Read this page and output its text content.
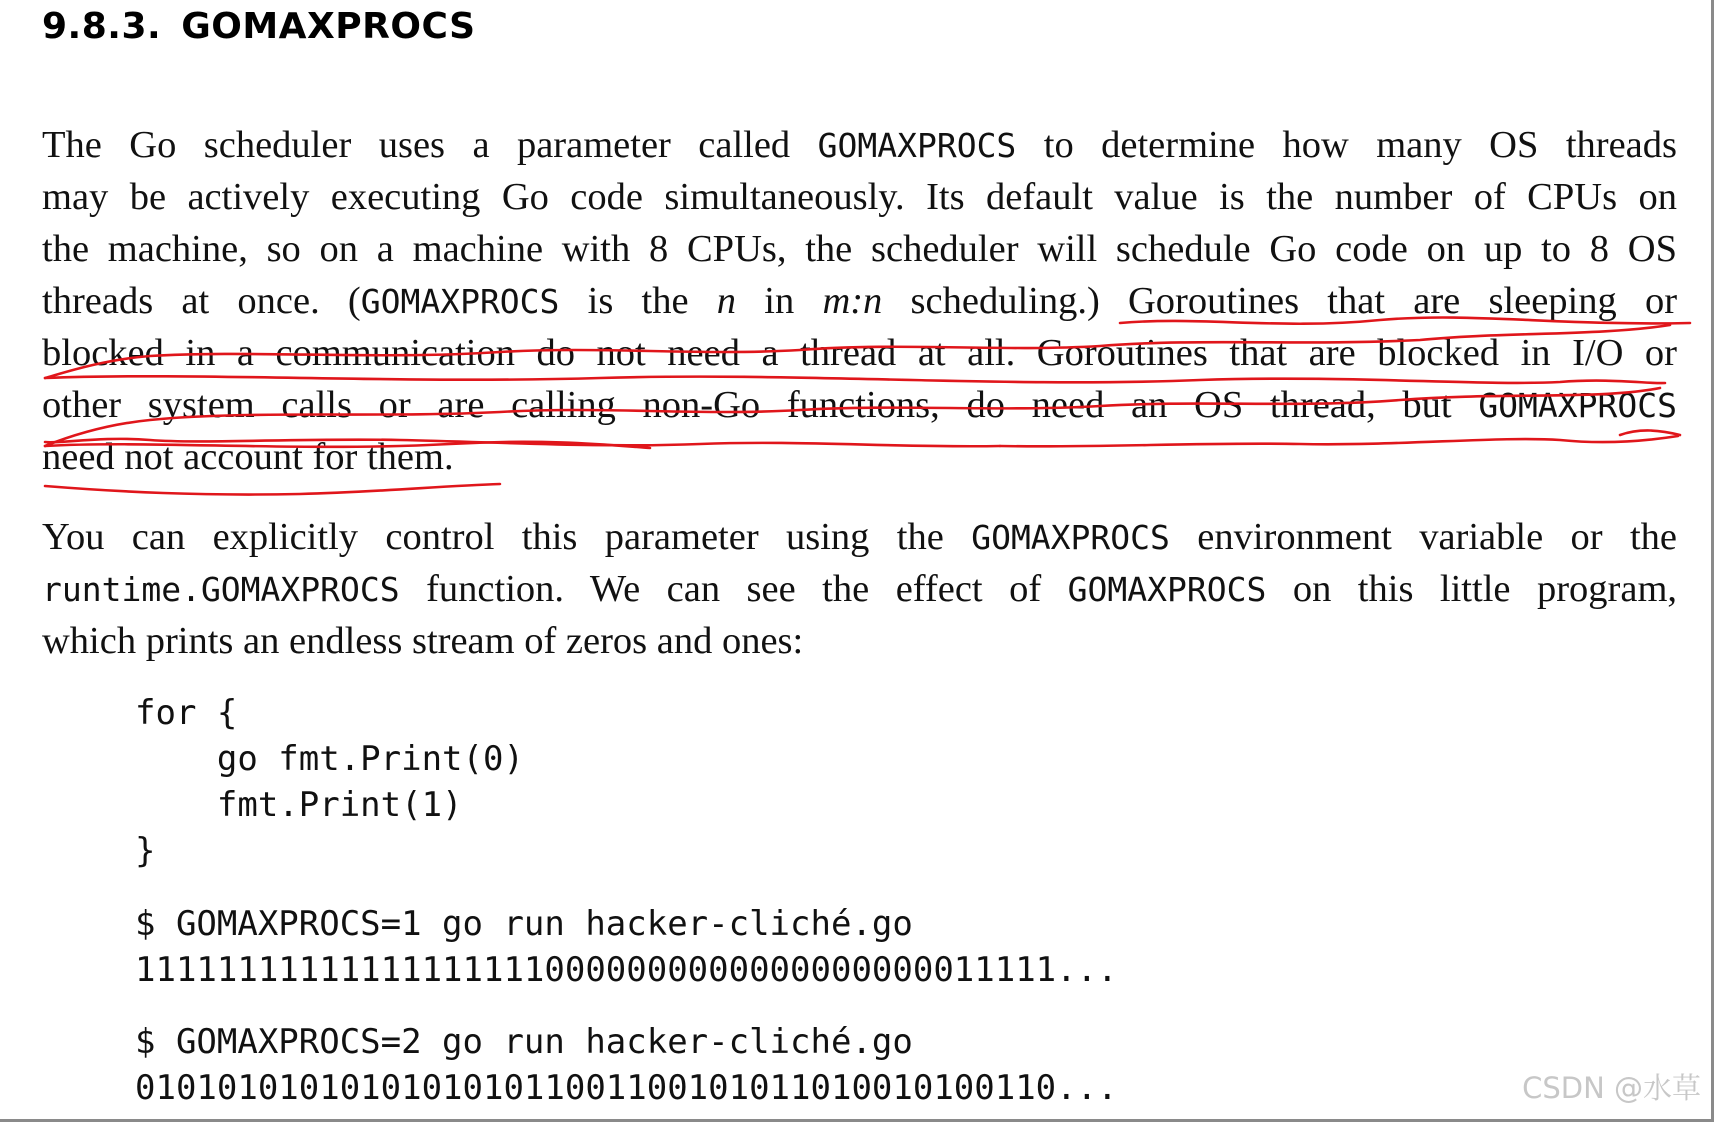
9.8.3. GOMAXPROCS
The Go scheduler uses a parameter called GOMAXPROCS to determine how many OS threads
may be actively executing Go code simultaneously. Its default value is the number of CPUs on
the machine, so on a machine with 8 CPUs, the scheduler will schedule Go code on up to 8 OS
threads at once. (GOMAXPROCS is the n in m:n scheduling.) Goroutines that are sleeping or
blocked in a communication do not need a thread at all. Goroutines that are blocked in I/O or
other system calls or are calling non-Go functions, do need an OS thread, but GOMAXPROCS
need not account for them.
You can explicitly control this parameter using the GOMAXPROCS environment variable or the
runtime.GOMAXPROCS function. We can see the effect of GOMAXPROCS on this little program,
which prints an endless stream of zeros and ones:
for {
go fmt.Print(0)
fmt.Print(1)
}
$ GOMAXPROCS=1 go run hacker-cliché.go
111111111111111111110000000000000000000011111...
$ GOMAXPROCS=2 go run hacker-cliché.go
010101010101010101011001100101011010010100110...	CSDN @水草
